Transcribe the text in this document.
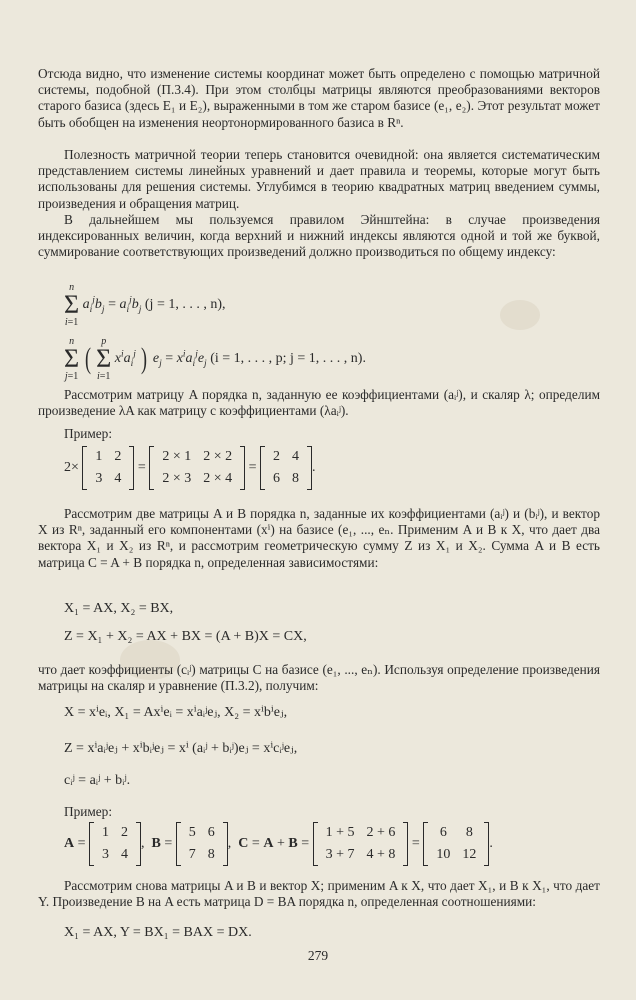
Отсюда видно, что изменение системы координат может быть определено с помощью матричной системы, подобной (П.3.4). При этом столбцы матрицы являются преобразованиями векторов старого базиса (здесь E₁ и E₂), выраженными в том же старом базисе (e₁, e₂). Этот результат может быть обобщен на изменения неортонормированного базиса в Rⁿ.
Полезность матричной теории теперь становится очевидной: она является систематическим представлением системы линейных уравнений и дает правила и теоремы, которые могут быть использованы для решения системы. Углубимся в теорию квадратных матриц введением суммы, произведения и обращения матриц.
В дальнейшем мы пользуемся правилом Эйнштейна: в случае произведения индексированных величин, когда верхний и нижний индексы являются одной и той же буквой, суммирование соответствующих произведений должно производиться по общему индексу:
n
Σ
i=1 $a_i^jb_j = a_i^jb_j$ (j = 1, . . . , n),
n
Σ
j=1 ( p
Σ
i=1 $x^ia_i^j$ ) $e_j = x^ia_i^je_j$ (i = 1, . . . , p; j = 1, . . . , n).
Рассмотрим матрицу A порядка n, заданную ее коэффициентами (aᵢʲ), и скаляр λ; определим произведение λA как матрицу с коэффициентами (λaᵢʲ).
Пример:
2×
1	2
3	4
=
2 × 1	2 × 2
2 × 3	2 × 4
=
2	4
6	8
.
Рассмотрим две матрицы A и B порядка n, заданные их коэффициентами (aᵢʲ) и (bᵢʲ), и вектор X из Rⁿ, заданный его компонентами (xⁱ) на базисе (e₁, ..., eₙ. Применим A и B к X, что дает два вектора X₁ и X₂ из Rⁿ, и рассмотрим геометрическую сумму Z из X₁ и X₂. Сумма A и B есть матрица C = A + B порядка n, определенная зависимостями:
X₁ = AX, X₂ = BX,
Z = X₁ + X₂ = AX + BX = (A + B)X = CX,
что дает коэффициенты (cᵢʲ) матрицы C на базисе (e₁, ..., eₙ). Используя определение произведения матрицы на скаляр и уравнение (П.3.2), получим:
X = xⁱeᵢ, X₁ = Axⁱeᵢ = xⁱaᵢʲeⱼ, X₂ = xⁱbⁱeⱼ,
Z = xⁱaᵢʲeⱼ + xⁱbᵢʲeⱼ = xⁱ (aᵢʲ + bᵢʲ)eⱼ = xⁱcᵢʲeⱼ,
cᵢʲ = aᵢʲ + bᵢʲ.
Пример:
A =
1	2
3	4
,  B =
5	6
7	8
,  C = A + B =
1 + 5	2 + 6
3 + 7	4 + 8
=
6	8
10	12
.
Рассмотрим снова матрицы A и B и вектор X; применим A к X, что дает X₁, и B к X₁, что дает Y. Произведение B на A есть матрица D = BA порядка n, определенная соотношениями:
X₁ = AX, Y = BX₁ = BAX = DX.
279
